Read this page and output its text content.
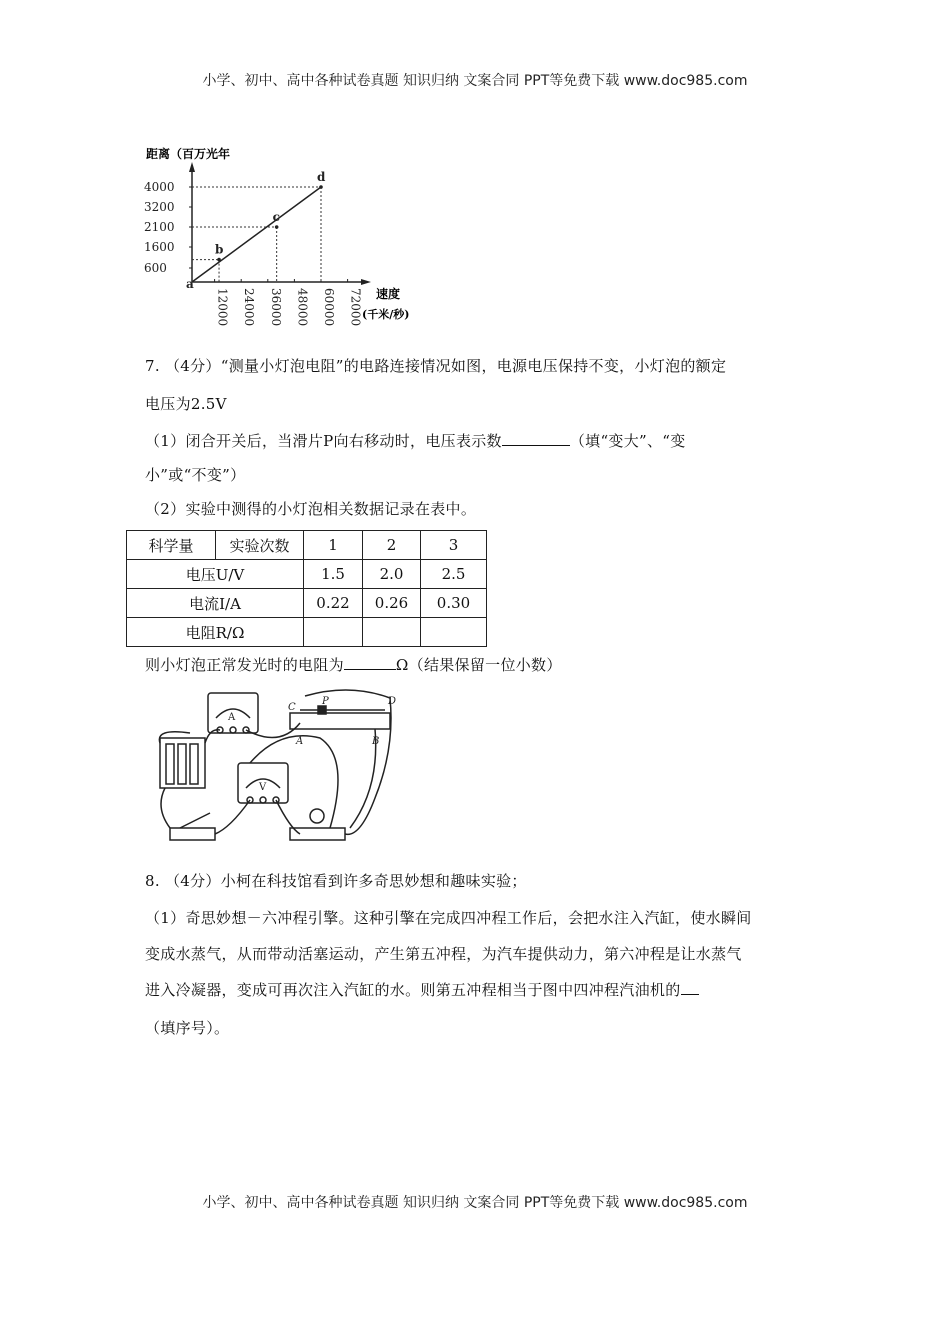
小学、初中、高中各种试卷真题 知识归纳 文案合同 PPT等免费下载 www.doc985.com
距离（百万光年
速度
(千米/秒)
600
1600
2100
3200
4000
12000 24000 36000 48000 60000 72000
a
b
c
d
7. （4分）“测量小灯泡电阻”的电路连接情况如图，电源电压保持不变，小灯泡的额定
电压为2.5V
（1）闭合开关后，当滑片P向右移动时，电压表示数	（填“变大”、“变
小”或“不变”）
（2）实验中测得的小灯泡相关数据记录在表中。
科学量	实验次数	1	2	3
电压U/V		1.5	2.0	2.5
电流I/A		0.22	0.26	0.30
电阻R/Ω				
则小灯泡正常发光时的电阻为	Ω（结果保留一位小数）
A
V
C
P	D
A	B
8. （4分）小柯在科技馆看到许多奇思妙想和趣味实验；
（1）奇思妙想－六冲程引擎。这种引擎在完成四冲程工作后，会把水注入汽缸，使水瞬间
变成水蒸气，从而带动活塞运动，产生第五冲程，为汽车提供动力，第六冲程是让水蒸气
进入冷凝器，变成可再次注入汽缸的水。则第五冲程相当于图中四冲程汽油机的
（填序号）。
小学、初中、高中各种试卷真题 知识归纳 文案合同 PPT等免费下载 www.doc985.com
